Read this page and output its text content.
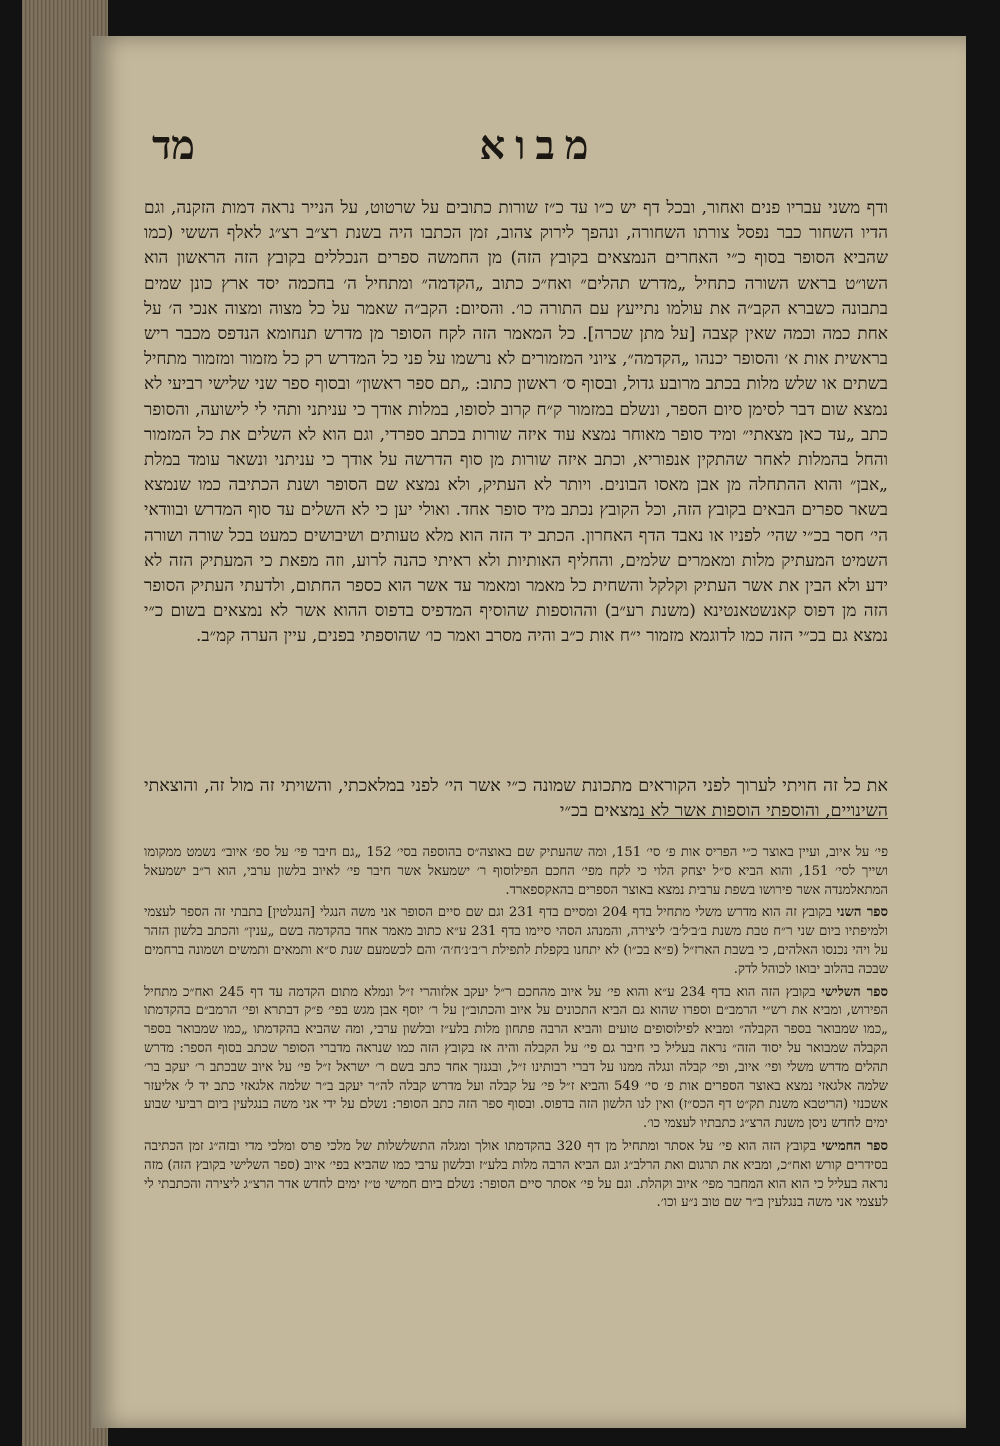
מבוא
מד

ודף משני עבריו פנים ואחור, ובכל דף יש כ״ו עד כ״ז שורות כתובים על שרטוט, על הנייר נראה דמות הזקנה, וגם הדיו השחור כבר נפסל צורתו השחורה, ונהפך לירוק צהוב, זמן הכתבו היה בשנת רצ״ב רצ״ג לאלף הששי (כמו שהביא הסופר בסוף כ״י האחרים הנמצאים בקובץ הזה) מן החמשה ספרים הנכללים בקובץ הזה הראשון הוא השו״ט בראש השורה כתחיל „מדרש תהלים״ ואח״כ כתוב „הקדמה״ ומתחיל ה׳ בחכמה יסד ארץ כונן שמים בתבונה כשברא הקב״ה את עולמו נתייעץ עם התורה כו׳. והסיום: הקב״ה שאמר על כל מצוה ומצוה אנכי ה׳ על אחת כמה וכמה שאין קצבה [על מתן שכרה]. כל המאמר הזה לקח הסופר מן מדרש תנחומא הנדפס מכבר ריש בראשית אות א׳ והסופר יכנהו „הקדמה״, ציוני המזמורים לא נרשמו על פני כל המדרש רק כל מזמור ומזמור מתחיל בשתים או שלש מלות בכתב מרובע גדול, ובסוף ס׳ ראשון כתוב: „תם ספר ראשון״ ובסוף ספר שני שלישי רביעי לא נמצא שום דבר לסימן סיום הספר, ונשלם במזמור ק״ח קרוב לסופו, במלות אודך כי עניתני ותהי לי לישועה, והסופר כתב „עד כאן מצאתי״ ומיד סופר מאוחר נמצא עוד איזה שורות בכתב ספרדי, וגם הוא לא השלים את כל המזמור והחל בהמלות לאחר שהתקין אנפוריא, וכתב איזה שורות מן סוף הדרשה על אודך כי עניתני ונשאר עומד במלת „אבן״ והוא ההתחלה מן אבן מאסו הבונים. ויותר לא העתיק, ולא נמצא שם הסופר ושנת הכתיבה כמו שנמצא בשאר ספרים הבאים בקובץ הזה, וכל הקובץ נכתב מיד סופר אחד. ואולי יען כי לא השלים עד סוף המדרש ובוודאי הי׳ חסר בכ״י שהי׳ לפניו או נאבד הדף האחרון. הכתב יד הזה הוא מלא טעותים ושיבושים כמעט בכל שורה ושורה השמיט המעתיק מלות ומאמרים שלמים, והחליף האותיות ולא ראיתי כהנה לרוע, וזה מפאת כי המעתיק הזה לא ידע ולא הבין את אשר העתיק וקלקל והשחית כל מאמר ומאמר עד אשר הוא כספר החתום, ולדעתי העתיק הסופר הזה מן דפוס קאנשטאנטינא (משנת רע״ב) וההוספות שהוסיף המדפיס בדפוס ההוא אשר לא נמצאים בשום כ״י נמצא גם בכ״י הזה כמו לדוגמא מזמור י״ח אות כ״ב והיה מסרב ואמר כו׳ שהוספתי בפנים, עיין הערה קמ״ב.

את כל זה חויתי לערוך לפני הקוראים מתכונת שמונה כ״י אשר הי׳ לפני במלאכתי, והשויתי זה מול זה, והוצאתי השינויים, והוספתי הוספות אשר לא נמצאים בכ״י

פי׳ על איוב, ועיין באוצר כ״י הפריס אות פ׳ סי׳ 151, ומה שהעתיק שם באוצה״ס בהוספה בסי׳ 152 „גם חיבר פי׳ על ספ׳ איוב״ נשמט ממקומו ושייך לסי׳ 151, והוא הביא ס״ל יצחק הלוי כי לקח מפי׳ החכם הפילוסוף ר׳ ישמעאל אשר חיבר פי׳ לאיוב בלשון ערבי, הוא ר״ב ישמעאל המתאלמנדה אשר פירושו בשפת ערבית נמצא באוצר הספרים בהאקספארד.

ספר השני בקובץ זה הוא מדרש משלי מתחיל בדף 204 ומסיים בדף 231 וגם שם סיים הסופר אני משה הנגלי [הנגלטין] בתבתי זה הספר לעצמי ולמיפתיו ביום שני ר״ח טבת משנת ב׳ב׳ל׳ב׳ ליצירה, והמנהג הסהי סיימו בדף 231 ע״א כתוב מאמר אחד בהקדמה בשם „ענין״ והכתב בלשון הזהר על ויהי נכנסו האלהים, כי בשבת הארז״ל (פ״א בכ״ו) לא יתחנו בקפלת לתפילת ר׳ב׳נ׳ח׳ה׳ והם לכשמעם שנת ס״א ותמאים ותמשים ושמונה ברחמים שבכה בהלוב יבואו לכוהל לדק.

ספר השלישי בקובץ הזה הוא בדף 234 ע״א והוא פי׳ על איוב מהחכם ר״ל יעקב אלזוהרי ז״ל ונמלא מתום הקדמה עד דף 245 ואח״כ מתחיל הפירוש, ומביא את רש״י הרמב״ם וספרו שהוא גם הביא התכונים על איוב והכתוב״ן על ר׳ יוסף אבן מגש בפי׳ פ״ק דבתרא ופי׳ הרמב״ם בהקדמתו „כמו שמבואר בספר הקבלה״ ומביא לפילוסופים טועים והביא הרבה פתחון מלות בלע״ז ובלשון ערבי, ומה שהביא בהקדמתו „כמו שמבואר בספר הקבלה שמבואר על יסוד הזה״ נראה בעליל כי חיבר גם פי׳ על הקבלה והיה אז בקובץ הזה כמו שנראה מדברי הסופר שכתב בסוף הספר: מדרש תהלים מדרש משלי ופי׳ איוב, ופי׳ קבלה ונגלה ממנו על דברי רבותינו ז״ל, ובגנזך אחד כתב בשם ר׳ ישראל ז״ל פי׳ על איוב שבכתב ר׳ יעקב בר׳ שלמה אלגאזי נמצא באוצר הספרים אות פ׳ סי׳ 549 והביא ז״ל פי׳ על קבלה ועל מדרש קבלה לה״ר יעקב ב״ר שלמה אלגאזי כתב יד ל׳ אליעזר אשכנזי (הריטבא משנת תק״ט דף הכס״ז) ואין לנו הלשון הזה בדפוס. ובסוף ספר הזה כתב הסופר: נשלם על ידי אני משה בנגלעין ביום רביעי שבוע ימים לחדש ניסן משנת הרצ״ג כתבתיו לעצמי כו׳.

ספר החמישי בקובץ הזה הוא פי׳ על אסתר ומתחיל מן דף 320 בהקדמתו אולך ומגלה התשלשלות של מלכי פרס ומלכי מדי ובזה״ג זמן הכתיבה בסידרים קורש ואח״כ, ומביא את תרגום ואת הרלב״ג וגם הביא הרבה מלות בלע״ז ובלשון ערבי כמו שהביא בפי׳ איוב (ספר השלישי בקובץ הזה) מזה נראה בעליל כי הוא הוא המחבר מפי׳ איוב וקהלת. וגם על פי׳ אסתר סיים הסופר: נשלם ביום חמישי ט״ז ימים לחדש אדר הרצ״ג ליצירה והכתבתי לי לעצמי אני משה בנגלעין ב״ר שם טוב נ״ע וכו׳.
